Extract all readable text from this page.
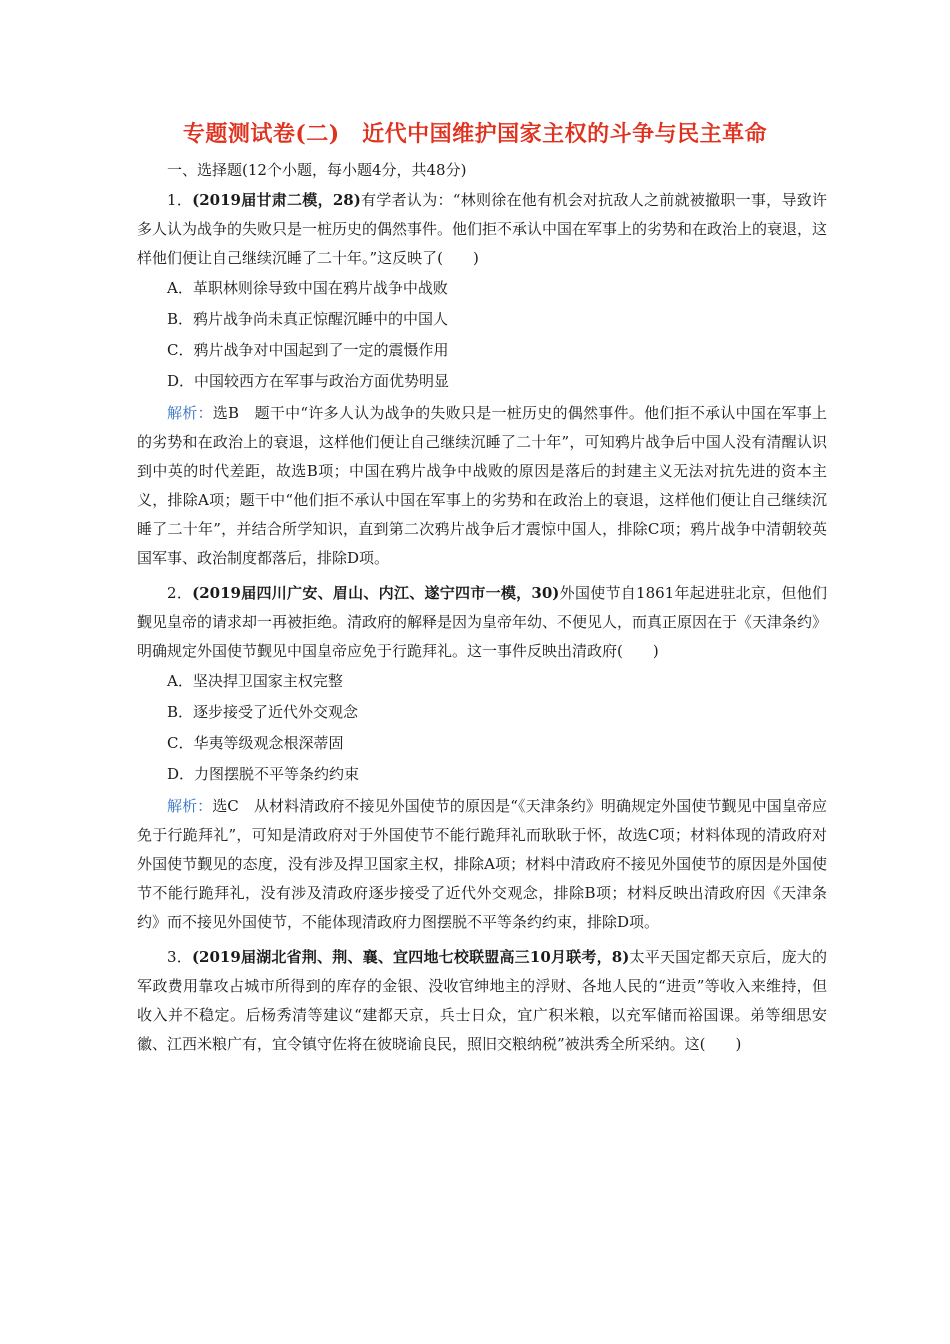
专题测试卷(二)　近代中国维护国家主权的斗争与民主革命
一、选择题(12个小题，每小题4分，共48分)
1．(2019届甘肃二模，28)有学者认为：“林则徐在他有机会对抗敌人之前就被撤职一事，导致许多人认为战争的失败只是一桩历史的偶然事件。他们拒不承认中国在军事上的劣势和在政治上的衰退，这样他们便让自己继续沉睡了二十年。”这反映了(　　)
A．革职林则徐导致中国在鸦片战争中战败
B．鸦片战争尚未真正惊醒沉睡中的中国人
C．鸦片战争对中国起到了一定的震慑作用
D．中国较西方在军事与政治方面优势明显
解析：选B　题干中“许多人认为战争的失败只是一桩历史的偶然事件。他们拒不承认中国在军事上的劣势和在政治上的衰退，这样他们便让自己继续沉睡了二十年”，可知鸦片战争后中国人没有清醒认识到中英的时代差距，故选B项；中国在鸦片战争中战败的原因是落后的封建主义无法对抗先进的资本主义，排除A项；题干中“他们拒不承认中国在军事上的劣势和在政治上的衰退，这样他们便让自己继续沉睡了二十年”，并结合所学知识，直到第二次鸦片战争后才震惊中国人，排除C项；鸦片战争中清朝较英国军事、政治制度都落后，排除D项。
2．(2019届四川广安、眉山、内江、遂宁四市一模，30)外国使节自1861年起进驻北京，但他们觐见皇帝的请求却一再被拒绝。清政府的解释是因为皇帝年幼、不便见人，而真正原因在于《天津条约》明确规定外国使节觐见中国皇帝应免于行跪拜礼。这一事件反映出清政府(　　)
A．坚决捍卫国家主权完整
B．逐步接受了近代外交观念
C．华夷等级观念根深蒂固
D．力图摆脱不平等条约约束
解析：选C　从材料清政府不接见外国使节的原因是“《天津条约》明确规定外国使节觐见中国皇帝应免于行跪拜礼”，可知是清政府对于外国使节不能行跪拜礼而耿耿于怀，故选C项；材料体现的清政府对外国使节觐见的态度，没有涉及捍卫国家主权，排除A项；材料中清政府不接见外国使节的原因是外国使节不能行跪拜礼，没有涉及清政府逐步接受了近代外交观念，排除B项；材料反映出清政府因《天津条约》而不接见外国使节，不能体现清政府力图摆脱不平等条约约束，排除D项。
3．(2019届湖北省荆、荆、襄、宜四地七校联盟高三10月联考，8)太平天国定都天京后，庞大的军政费用靠攻占城市所得到的库存的金银、没收官绅地主的浮财、各地人民的“进贡”等收入来维持，但收入并不稳定。后杨秀清等建议“建都天京，兵士日众，宜广积米粮，以充军储而裕国课。弟等细思安徽、江西米粮广有，宜令镇守佐将在彼晓谕良民，照旧交粮纳税”被洪秀全所采纳。这(　　)
